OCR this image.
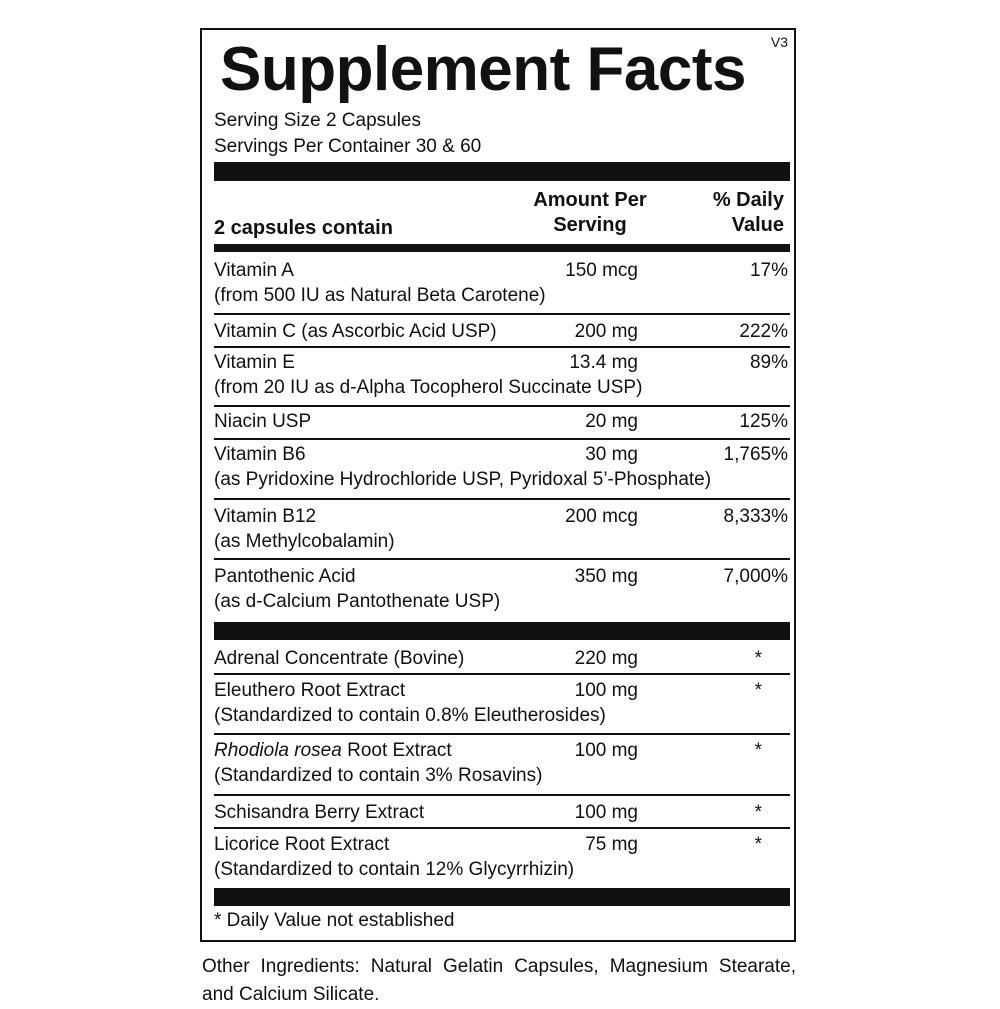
Supplement Facts V3
Serving Size 2 Capsules
Servings Per Container 30 & 60
Amount Per
Serving
% Daily
Value
2 capsules contain
Vitamin A
(from 500 IU as Natural Beta Carotene)
150 mcg	17%
Vitamin C (as Ascorbic Acid USP)	200 mg	222%
Vitamin E
(from 20 IU as d-Alpha Tocopherol Succinate USP)
13.4 mg	89%
Niacin USP	20 mg	125%
Vitamin B6
(as Pyridoxine Hydrochloride USP, Pyridoxal 5’-Phosphate)
30 mg	1,765%
Vitamin B12
(as Methylcobalamin)
200 mcg	8,333%
Pantothenic Acid
(as d-Calcium Pantothenate USP)
350 mg	7,000%
Adrenal Concentrate (Bovine)	220 mg	*
Eleuthero Root Extract
(Standardized to contain 0.8% Eleutherosides)
100 mg	*
Rhodiola rosea Root Extract
(Standardized to contain 3% Rosavins)
100 mg	*
Schisandra Berry Extract	100 mg	*
Licorice Root Extract
(Standardized to contain 12% Glycyrrhizin)
75 mg	*
* Daily Value not established
Other Ingredients: Natural Gelatin Capsules, Magnesium Stearate, and Calcium Silicate.
